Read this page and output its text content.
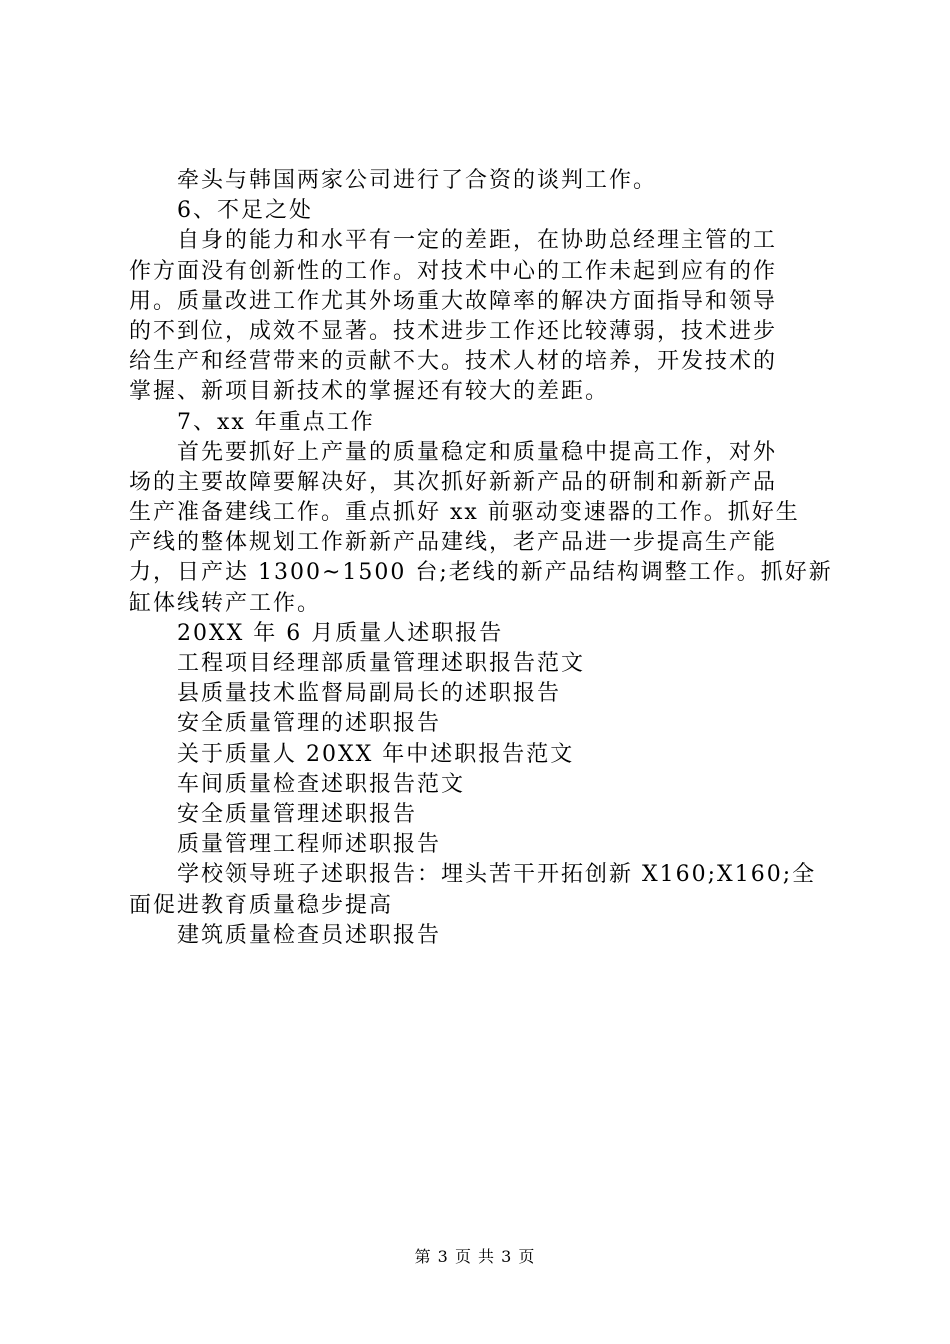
牵头与韩国两家公司进行了合资的谈判工作。
6、不足之处
自身的能力和水平有一定的差距，在协助总经理主管的工
作方面没有创新性的工作。对技术中心的工作未起到应有的作
用。质量改进工作尤其外场重大故障率的解决方面指导和领导
的不到位，成效不显著。技术进步工作还比较薄弱，技术进步
给生产和经营带来的贡献不大。技术人材的培养，开发技术的
掌握、新项目新技术的掌握还有较大的差距。
7、xx 年重点工作
首先要抓好上产量的质量稳定和质量稳中提高工作，对外
场的主要故障要解决好，其次抓好新新产品的研制和新新产品
生产准备建线工作。重点抓好 xx 前驱动变速器的工作。抓好生
产线的整体规划工作新新产品建线，老产品进一步提高生产能
力，日产达 1300~1500 台;老线的新产品结构调整工作。抓好新
缸体线转产工作。
20XX 年 6 月质量人述职报告
工程项目经理部质量管理述职报告范文
县质量技术监督局副局长的述职报告
安全质量管理的述职报告
关于质量人 20XX 年中述职报告范文
车间质量检查述职报告范文
安全质量管理述职报告
质量管理工程师述职报告
学校领导班子述职报告：埋头苦干开拓创新 X160;X160;全
面促进教育质量稳步提高
建筑质量检查员述职报告
第 3 页 共 3 页
